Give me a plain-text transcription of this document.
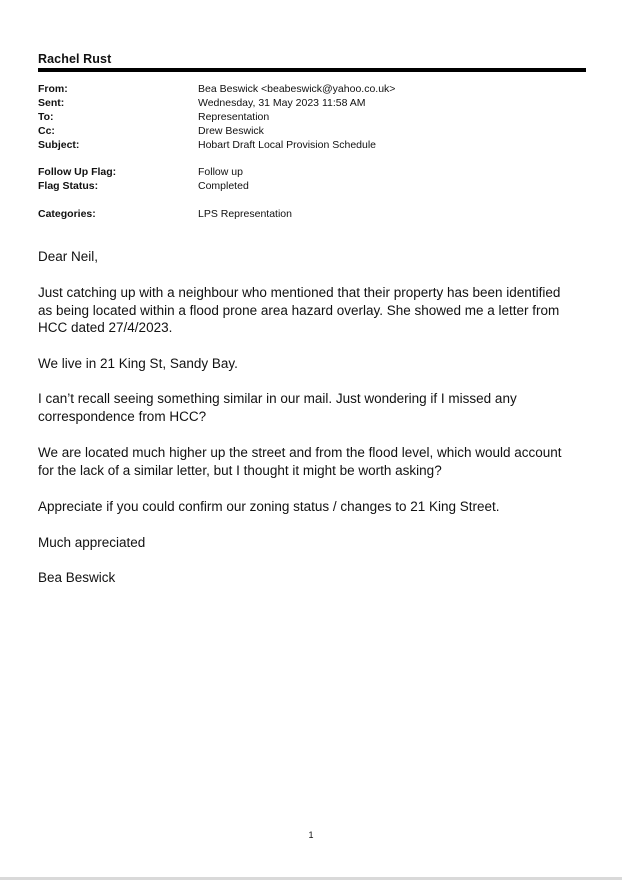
Rachel Rust
From:	Bea Beswick <beabeswick@yahoo.co.uk>
Sent:	Wednesday, 31 May 2023 11:58 AM
To:	Representation
Cc:	Drew Beswick
Subject:	Hobart Draft Local Provision Schedule
Follow Up Flag:	Follow up
Flag Status:	Completed
Categories:	LPS Representation
Dear Neil,
Just catching up with a neighbour who mentioned that their property has been identified as being located within a flood prone area hazard overlay. She showed me a letter from HCC dated 27/4/2023.
We live in 21 King St, Sandy Bay.
I can’t recall seeing something similar in our mail. Just wondering if I missed any correspondence from HCC?
We are located much higher up the street and from the flood level, which would account for the lack of a similar letter, but I thought it might be worth asking?
Appreciate if you could confirm our zoning status / changes to 21 King Street.
Much appreciated
Bea Beswick
1
